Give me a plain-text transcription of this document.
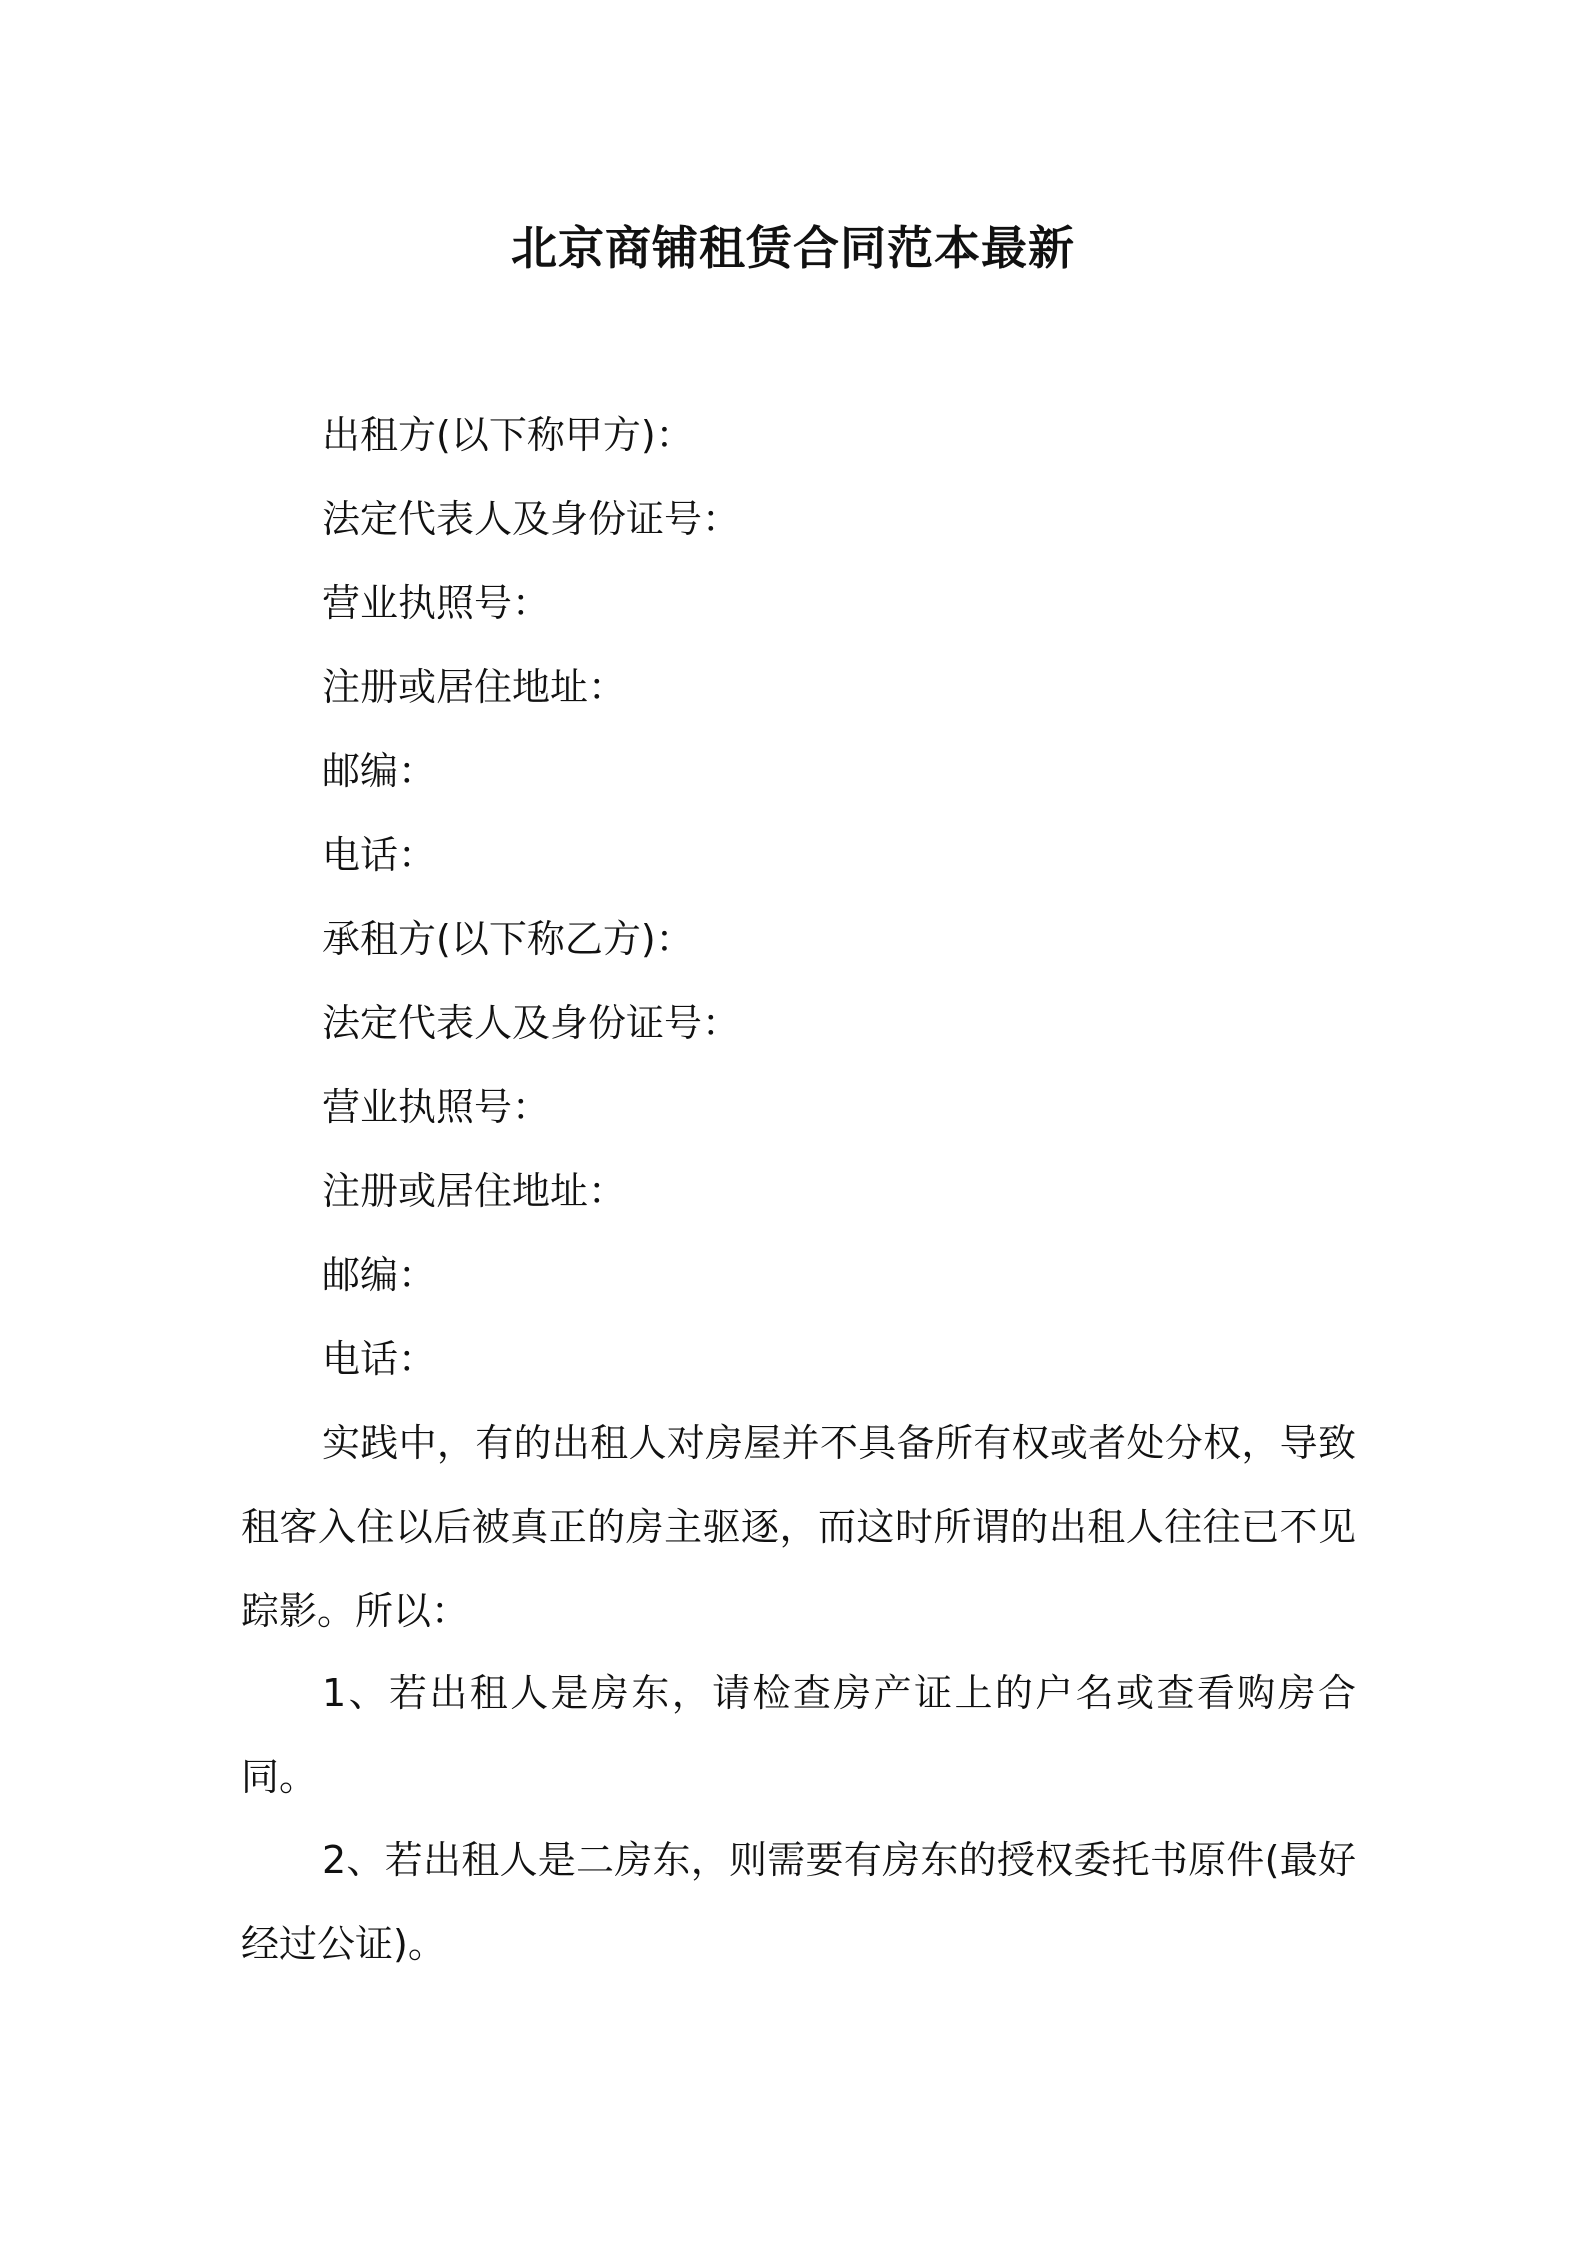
北京商铺租赁合同范本最新
出租方(以下称甲方)：
法定代表人及身份证号：
营业执照号：
注册或居住地址：
邮编：
电话：
承租方(以下称乙方)：
法定代表人及身份证号：
营业执照号：
注册或居住地址：
邮编：
电话：

实践中，有的出租人对房屋并不具备所有权或者处分权，导致租客入住以后被真正的房主驱逐，而这时所谓的出租人往往已不见踪影。所以：

1、若出租人是房东，请检查房产证上的户名或查看购房合同。

2、若出租人是二房东，则需要有房东的授权委托书原件(最好经过公证)。
